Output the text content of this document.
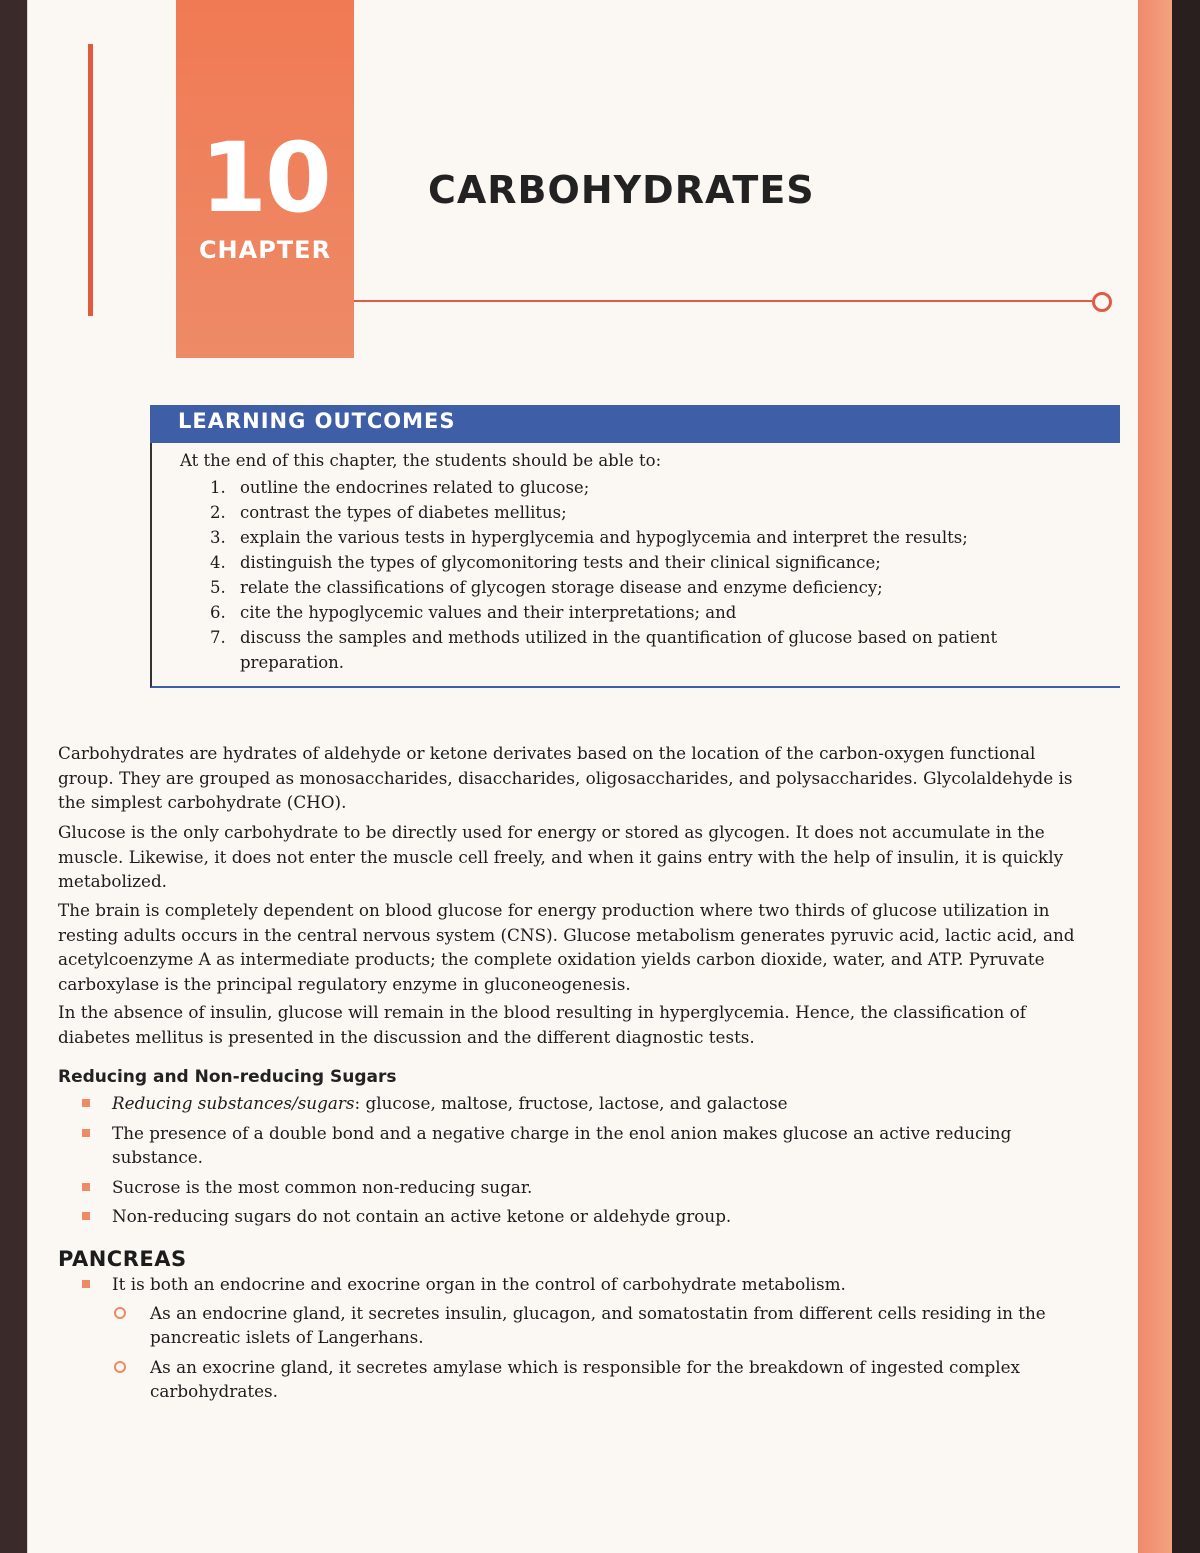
10
CHAPTER
CARBOHYDRATES
LEARNING OUTCOMES
At the end of this chapter, the students should be able to:
1. outline the endocrines related to glucose;
2. contrast the types of diabetes mellitus;
3. explain the various tests in hyperglycemia and hypoglycemia and interpret the results;
4. distinguish the types of glycomonitoring tests and their clinical significance;
5. relate the classifications of glycogen storage disease and enzyme deficiency;
6. cite the hypoglycemic values and their interpretations; and
7. discuss the samples and methods utilized in the quantification of glucose based on patient preparation.

Carbohydrates are hydrates of aldehyde or ketone derivates based on the location of the carbon-oxygen functional group. They are grouped as monosaccharides, disaccharides, oligosaccharides, and polysaccharides. Glycolaldehyde is the simplest carbohydrate (CHO).

Glucose is the only carbohydrate to be directly used for energy or stored as glycogen. It does not accumulate in the muscle. Likewise, it does not enter the muscle cell freely, and when it gains entry with the help of insulin, it is quickly metabolized.

The brain is completely dependent on blood glucose for energy production where two thirds of glucose utilization in resting adults occurs in the central nervous system (CNS). Glucose metabolism generates pyruvic acid, lactic acid, and acetylcoenzyme A as intermediate products; the complete oxidation yields carbon dioxide, water, and ATP. Pyruvate carboxylase is the principal regulatory enzyme in gluconeogenesis.

In the absence of insulin, glucose will remain in the blood resulting in hyperglycemia. Hence, the classification of diabetes mellitus is presented in the discussion and the different diagnostic tests.

Reducing and Non-reducing Sugars
Reducing substances/sugars: glucose, maltose, fructose, lactose, and galactose
The presence of a double bond and a negative charge in the enol anion makes glucose an active reducing substance.
Sucrose is the most common non-reducing sugar.
Non-reducing sugars do not contain an active ketone or aldehyde group.
PANCREAS
It is both an endocrine and exocrine organ in the control of carbohydrate metabolism.
As an endocrine gland, it secretes insulin, glucagon, and somatostatin from different cells residing in the pancreatic islets of Langerhans.
As an exocrine gland, it secretes amylase which is responsible for the breakdown of ingested complex carbohydrates.
